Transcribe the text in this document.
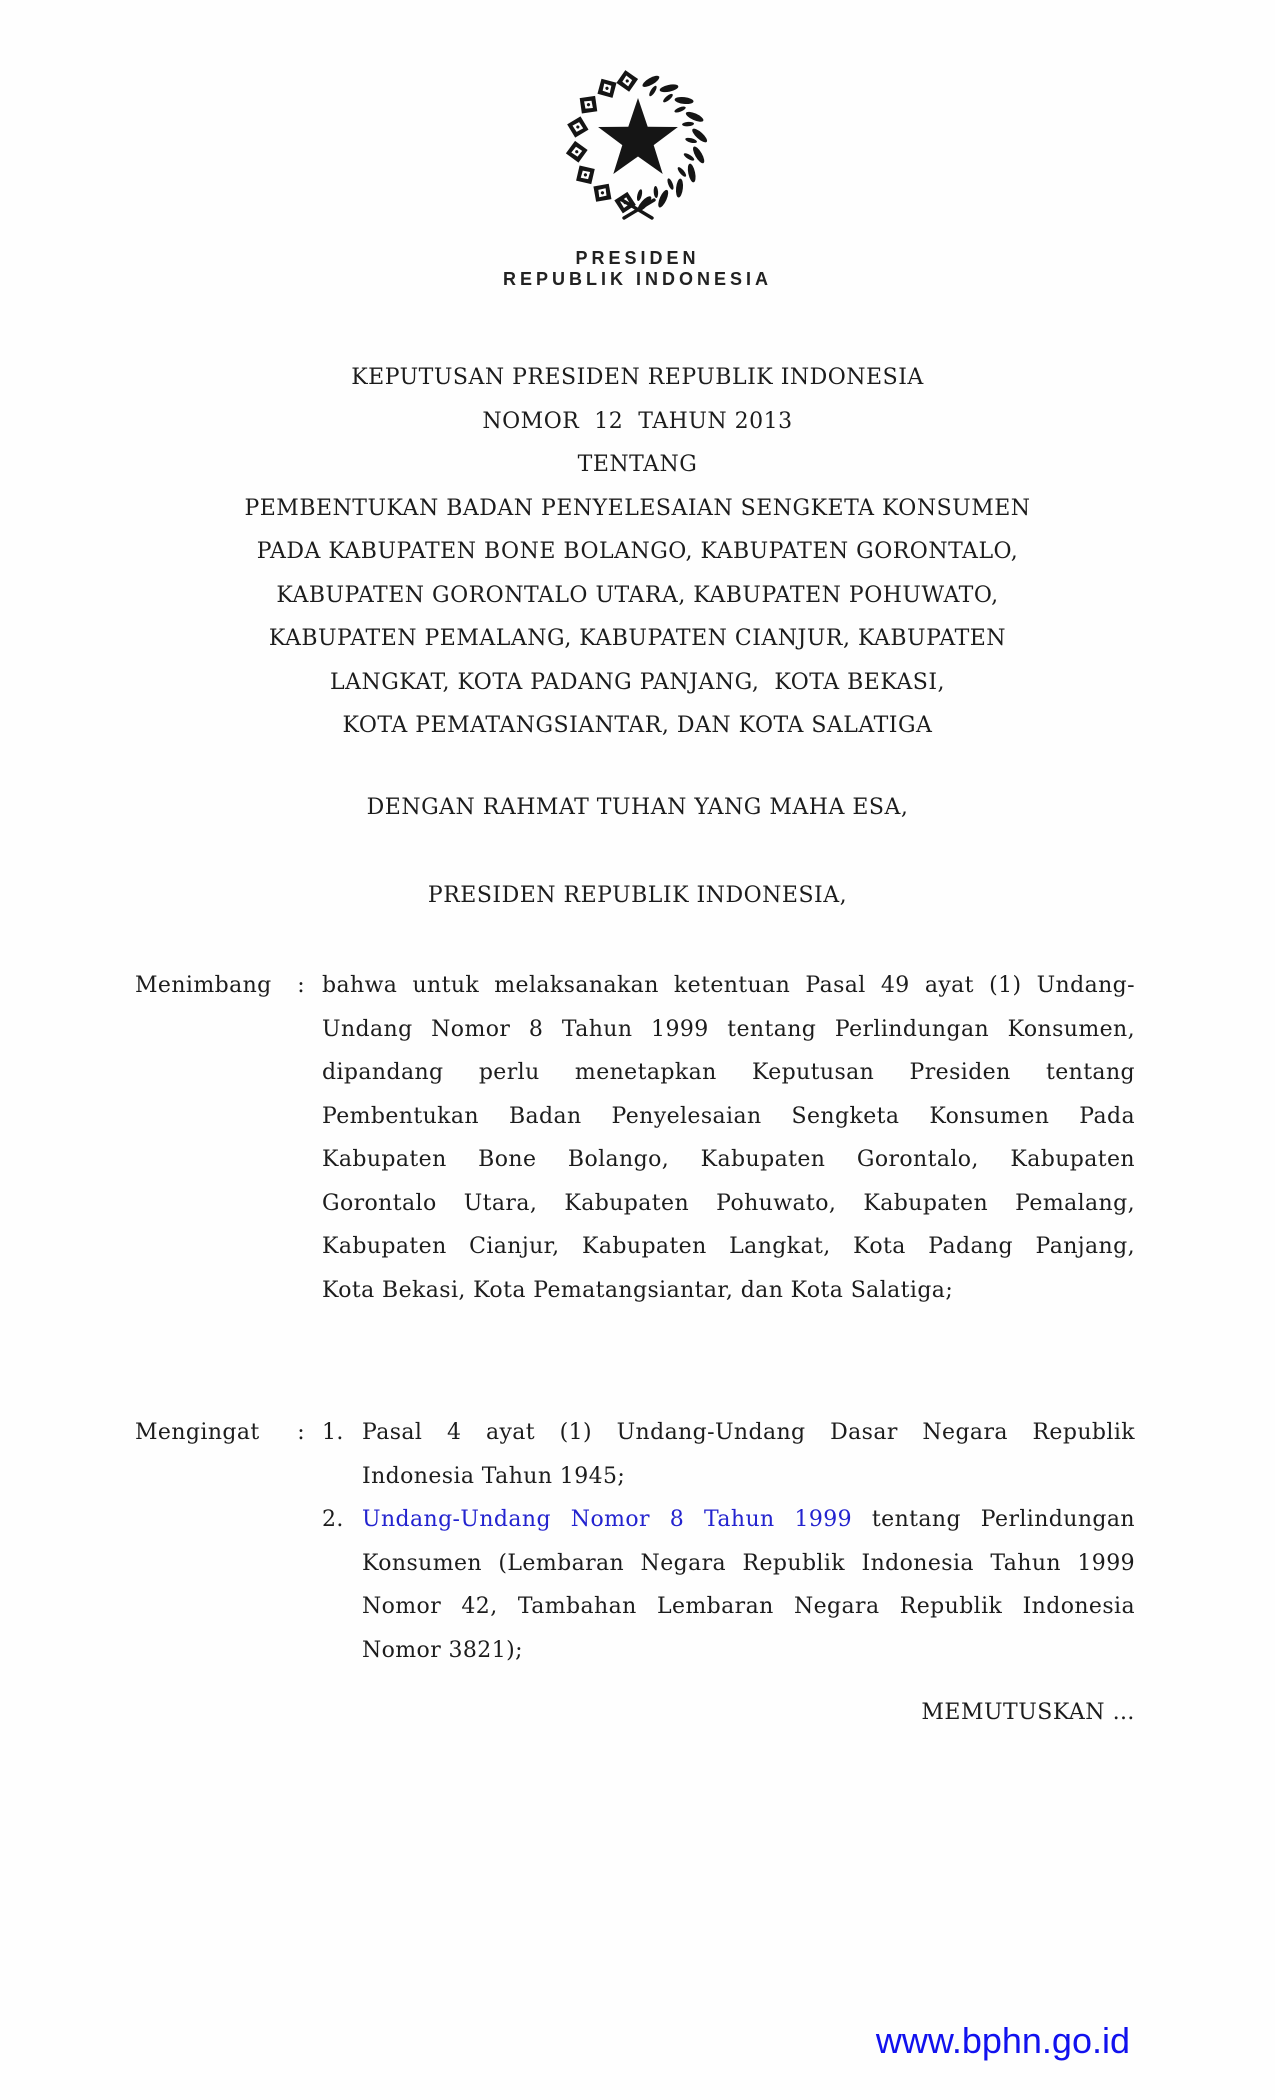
PRESIDEN
REPUBLIK INDONESIA
KEPUTUSAN PRESIDEN REPUBLIK INDONESIA
NOMOR  12  TAHUN 2013
TENTANG
PEMBENTUKAN BADAN PENYELESAIAN SENGKETA KONSUMEN
PADA KABUPATEN BONE BOLANGO, KABUPATEN GORONTALO,
KABUPATEN GORONTALO UTARA, KABUPATEN POHUWATO,
KABUPATEN PEMALANG, KABUPATEN CIANJUR, KABUPATEN
LANGKAT, KOTA PADANG PANJANG,  KOTA BEKASI,
KOTA PEMATANGSIANTAR, DAN KOTA SALATIGA
DENGAN RAHMAT TUHAN YANG MAHA ESA,
PRESIDEN REPUBLIK INDONESIA,
Menimbang : bahwa untuk melaksanakan ketentuan Pasal 49 ayat (1) Undang-
Undang Nomor 8 Tahun 1999 tentang Perlindungan Konsumen,
dipandang perlu menetapkan Keputusan Presiden tentang
Pembentukan Badan Penyelesaian Sengketa Konsumen Pada
Kabupaten Bone Bolango, Kabupaten Gorontalo, Kabupaten
Gorontalo Utara, Kabupaten Pohuwato, Kabupaten Pemalang,
Kabupaten Cianjur, Kabupaten Langkat, Kota Padang Panjang,
Kota Bekasi, Kota Pematangsiantar, dan Kota Salatiga;
Mengingat : 1. Pasal 4 ayat (1) Undang-Undang Dasar Negara Republik
Indonesia Tahun 1945;
2. Undang-Undang Nomor 8 Tahun 1999 tentang Perlindungan
Konsumen (Lembaran Negara Republik Indonesia Tahun 1999
Nomor 42, Tambahan Lembaran Negara Republik Indonesia
Nomor 3821);
MEMUTUSKAN …
www.bphn.go.id
